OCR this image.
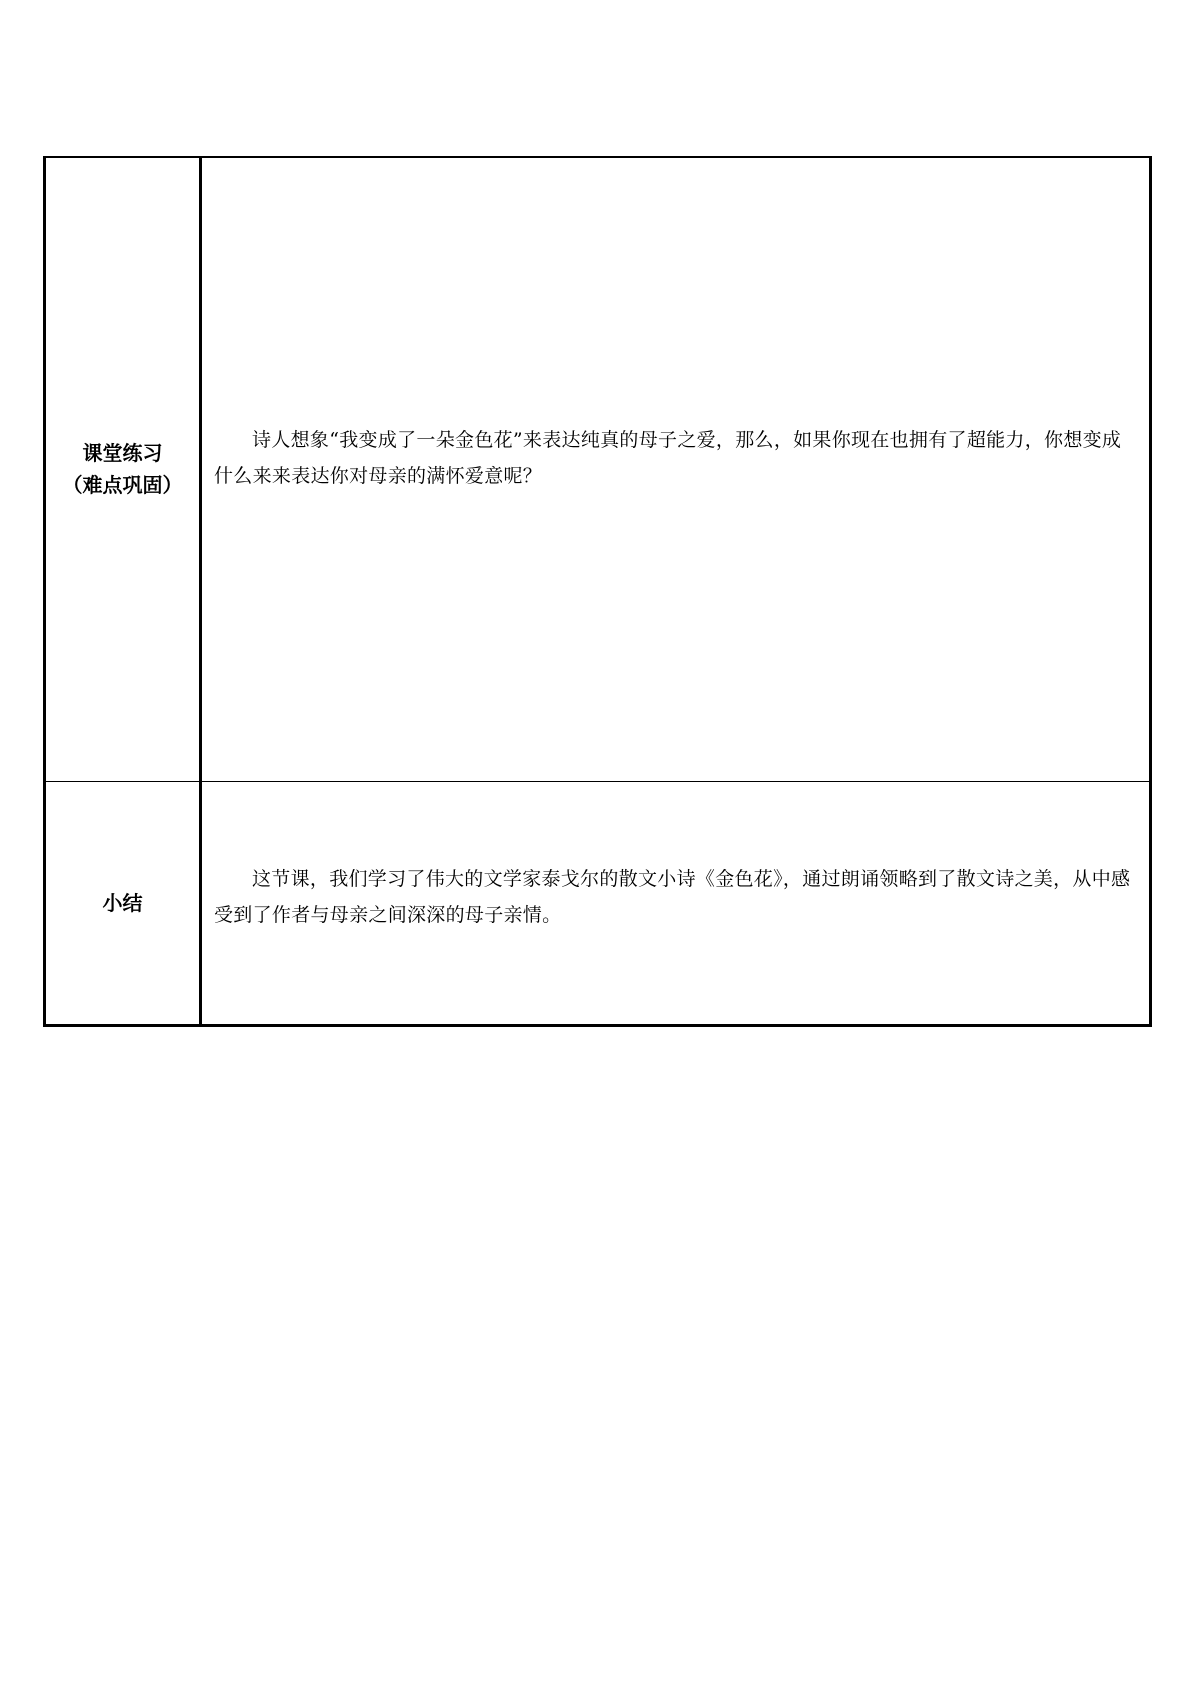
课堂练习
（难点巩固）	诗人想象“我变成了一朵金色花”来表达纯真的母子之爱，那么，如果你现在也拥有了超能力，你想变成什么来来表达你对母亲的满怀爱意呢？

小结	这节课，我们学习了伟大的文学家泰戈尔的散文小诗《金色花》，通过朗诵领略到了散文诗之美，从中感受到了作者与母亲之间深深的母子亲情。
